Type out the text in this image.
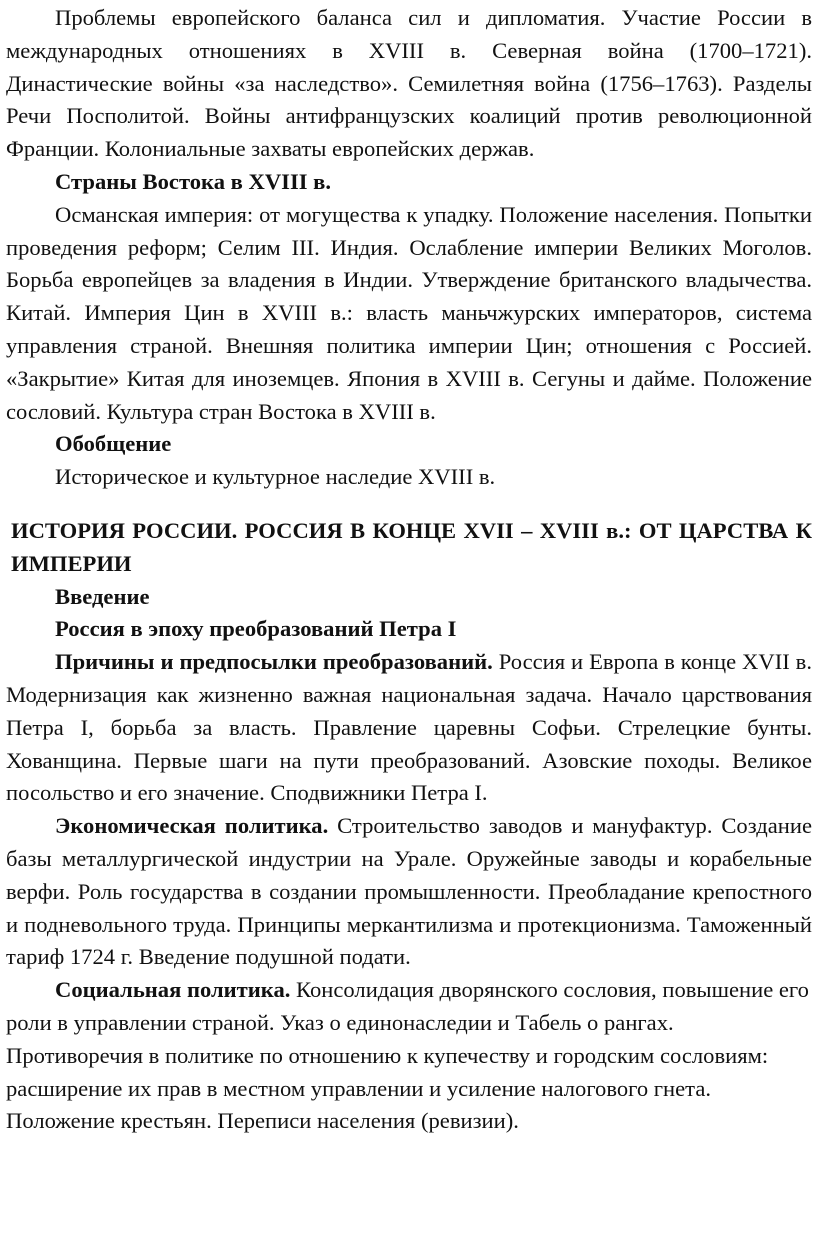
Проблемы европейского баланса сил и дипломатия. Участие России в международных отношениях в XVIII в. Северная война (1700–1721). Династические войны «за наследство». Семилетняя война (1756–1763). Разделы Речи Посполитой. Войны антифранцузских коалиций против революционной Франции. Колониальные захваты европейских держав.

Страны Востока в XVIII в.

Османская империя: от могущества к упадку. Положение населения. Попытки проведения реформ; Селим III. Индия. Ослабление империи Великих Моголов. Борьба европейцев за владения в Индии. Утверждение британского владычества. Китай. Империя Цин в XVIII в.: власть маньчжурских императоров, система управления страной. Внешняя политика империи Цин; отношения с Россией. «Закрытие» Китая для иноземцев. Япония в XVIII в. Сегуны и дайме. Положение сословий. Культура стран Востока в XVIII в.

Обобщение

Историческое и культурное наследие XVIII в.

ИСТОРИЯ РОССИИ. РОССИЯ В КОНЦЕ XVII – XVIII в.: ОТ ЦАРСТВА К ИМПЕРИИ

Введение

Россия в эпоху преобразований Петра I

Причины и предпосылки преобразований. Россия и Европа в конце XVII в. Модернизация как жизненно важная национальная задача. Начало царствования Петра I, борьба за власть. Правление царевны Софьи. Стрелецкие бунты. Хованщина. Первые шаги на пути преобразований. Азовские походы. Великое посольство и его значение. Сподвижники Петра I.

Экономическая политика. Строительство заводов и мануфактур. Создание базы металлургической индустрии на Урале. Оружейные заводы и корабельные верфи. Роль государства в создании промышленности. Преобладание крепостного и подневольного труда. Принципы меркантилизма и протекционизма. Таможенный тариф 1724 г. Введение подушной подати.

Социальная политика. Консолидация дворянского сословия, повышение его роли в управлении страной. Указ о единонаследии и Табель о рангах. Противоречия в политике по отношению к купечеству и городским сословиям: расширение их прав в местном управлении и усиление налогового гнета. Положение крестьян. Переписи населения (ревизии).
